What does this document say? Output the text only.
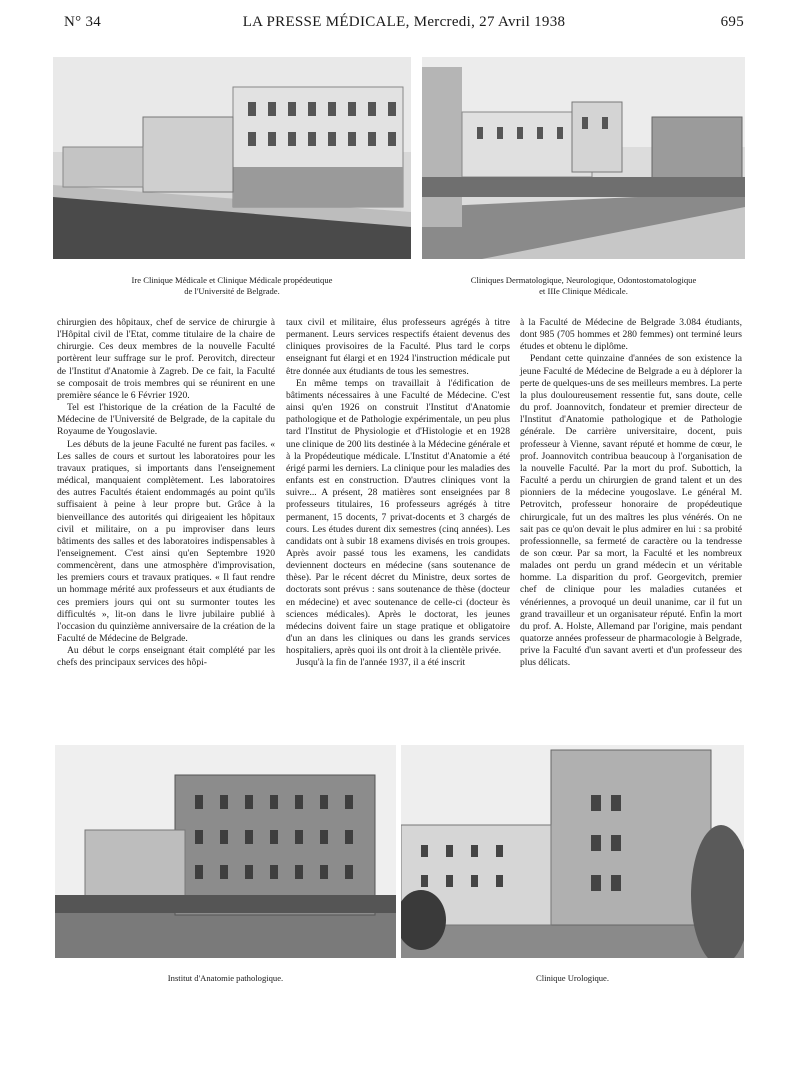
N° 34	LA PRESSE MÉDICALE, Mercredi, 27 Avril 1938	695
Ire Clinique Médicale et Clinique Médicale propédeutique
de l'Université de Belgrade.
Cliniques Dermatologique, Neurologique, Odontostomatologique
et IIIe Clinique Médicale.

chirurgien des hôpitaux, chef de service de chirurgie à l'Hôpital civil de l'Etat, comme titulaire de la chaire de chirurgie. Ces deux membres de la nouvelle Faculté portèrent leur suffrage sur le prof. Perovitch, directeur de l'Institut d'Anatomie à Zagreb. De ce fait, la Faculté se composait de trois membres qui se réunirent en une première séance le 6 Février 1920.

Tel est l'historique de la création de la Faculté de Médecine de l'Université de Belgrade, de la capitale du Royaume de Yougoslavie.

Les débuts de la jeune Faculté ne furent pas faciles. « Les salles de cours et surtout les laboratoires pour les travaux pratiques, si importants dans l'enseignement médical, manquaient complètement. Les laboratoires des autres Facultés étaient endommagés au point qu'ils suffisaient à peine à leur propre but. Grâce à la bienveillance des autorités qui dirigeaient les hôpitaux civil et militaire, on a pu improviser dans leurs bâtiments des salles et des laboratoires indispensables à l'enseignement. C'est ainsi qu'en Septembre 1920 commencèrent, dans une atmosphère d'improvisation, les premiers cours et travaux pratiques. « Il faut rendre un hommage mérité aux professeurs et aux étudiants de ces premiers jours qui ont su surmonter toutes les difficultés », lit-on dans le livre jubilaire publié à l'occasion du quinzième anniversaire de la création de la Faculté de Médecine de Belgrade.

Au début le corps enseignant était complété par les chefs des principaux services des hôpi-

taux civil et militaire, élus professeurs agrégés à titre permanent. Leurs services respectifs étaient devenus des cliniques provisoires de la Faculté. Plus tard le corps enseignant fut élargi et en 1924 l'instruction médicale put être donnée aux étudiants de tous les semestres.

En même temps on travaillait à l'édification de bâtiments nécessaires à une Faculté de Médecine. C'est ainsi qu'en 1926 on construit l'Institut d'Anatomie pathologique et de Pathologie expérimentale, un peu plus tard l'Institut de Physiologie et d'Histologie et en 1928 une clinique de 200 lits destinée à la Médecine générale et à la Propédeutique médicale. L'Institut d'Anatomie a été érigé parmi les derniers. La clinique pour les maladies des enfants est en construction. D'autres cliniques vont la suivre... A présent, 28 matières sont enseignées par 8 professeurs titulaires, 16 professeurs agrégés à titre permanent, 15 docents, 7 privat-docents et 3 chargés de cours. Les études durent dix semestres (cinq années). Les candidats ont à subir 18 examens divisés en trois groupes. Après avoir passé tous les examens, les candidats deviennent docteurs en médecine (sans soutenance de thèse). Par le récent décret du Ministre, deux sortes de doctorats sont prévus : sans soutenance de thèse (docteur en médecine) et avec soutenance de celle-ci (docteur ès sciences médicales). Après le doctorat, les jeunes médecins doivent faire un stage pratique et obligatoire d'un an dans les cliniques ou dans les grands services hospitaliers, après quoi ils ont droit à la clientèle privée.

Jusqu'à la fin de l'année 1937, il a été inscrit

à la Faculté de Médecine de Belgrade 3.084 étudiants, dont 985 (705 hommes et 280 femmes) ont terminé leurs études et obtenu le diplôme.

Pendant cette quinzaine d'années de son existence la jeune Faculté de Médecine de Belgrade a eu à déplorer la perte de quelques-uns de ses meilleurs membres. La perte la plus douloureusement ressentie fut, sans doute, celle du prof. Joannovitch, fondateur et premier directeur de l'Institut d'Anatomie pathologique et de Pathologie générale. De carrière universitaire, docent, puis professeur à Vienne, savant réputé et homme de cœur, le prof. Joannovitch contribua beaucoup à l'organisation de la nouvelle Faculté. Par la mort du prof. Subottich, la Faculté a perdu un chirurgien de grand talent et un des pionniers de la médecine yougoslave. Le général M. Petrovitch, professeur honoraire de propédeutique chirurgicale, fut un des maîtres les plus vénérés. On ne sait pas ce qu'on devait le plus admirer en lui : sa probité professionnelle, sa fermeté de caractère ou la tendresse de son cœur. Par sa mort, la Faculté et les nombreux malades ont perdu un grand médecin et un véritable homme. La disparition du prof. Georgevitch, premier chef de clinique pour les maladies cutanées et vénériennes, a provoqué un deuil unanime, car il fut un grand travailleur et un organisateur réputé. Enfin la mort du prof. A. Holste, Allemand par l'origine, mais pendant quatorze années professeur de pharmacologie à Belgrade, prive la Faculté d'un savant averti et d'un professeur des plus délicats.

Institut d'Anatomie pathologique.	Clinique Urologique.
